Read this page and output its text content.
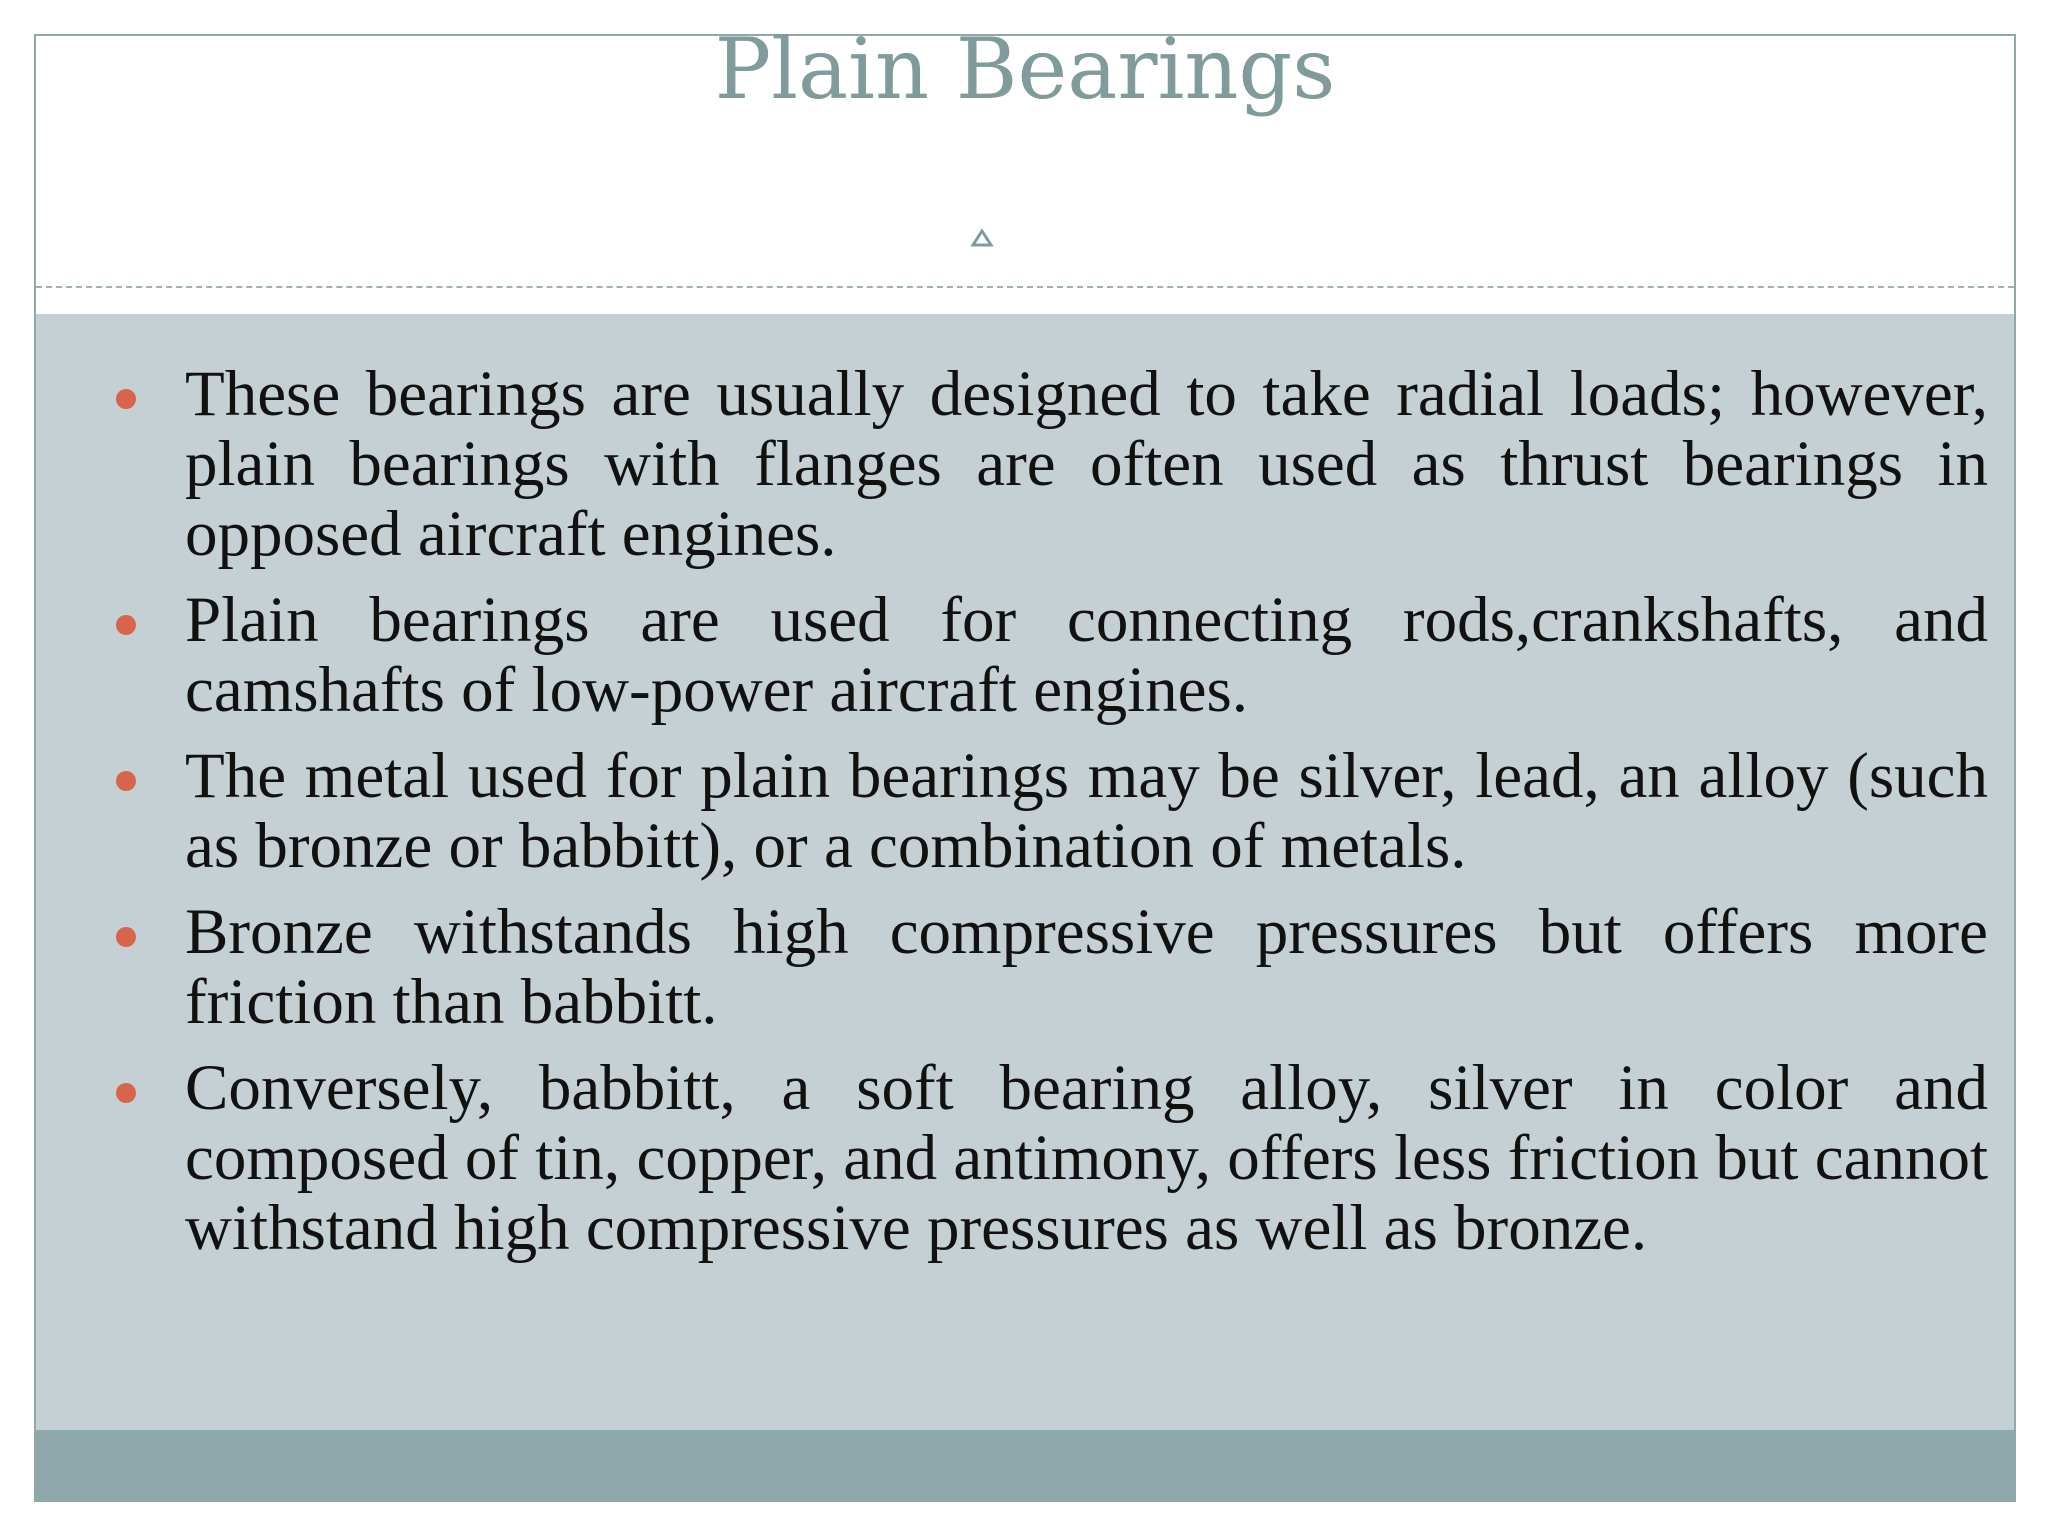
Plain Bearings
These bearings are usually designed to take radial loads; however, plain bearings with flanges are often used as thrust bearings in opposed aircraft engines.
Plain bearings are used for connecting rods,crankshafts, and camshafts of low-power aircraft engines.
The metal used for plain bearings may be silver, lead, an alloy (such as bronze or babbitt), or a combination of metals.
Bronze withstands high compressive pressures but offers more friction than babbitt.
Conversely, babbitt, a soft bearing alloy, silver in color and composed of tin, copper, and antimony, offers less friction but cannot withstand high compressive pressures as well as bronze.
